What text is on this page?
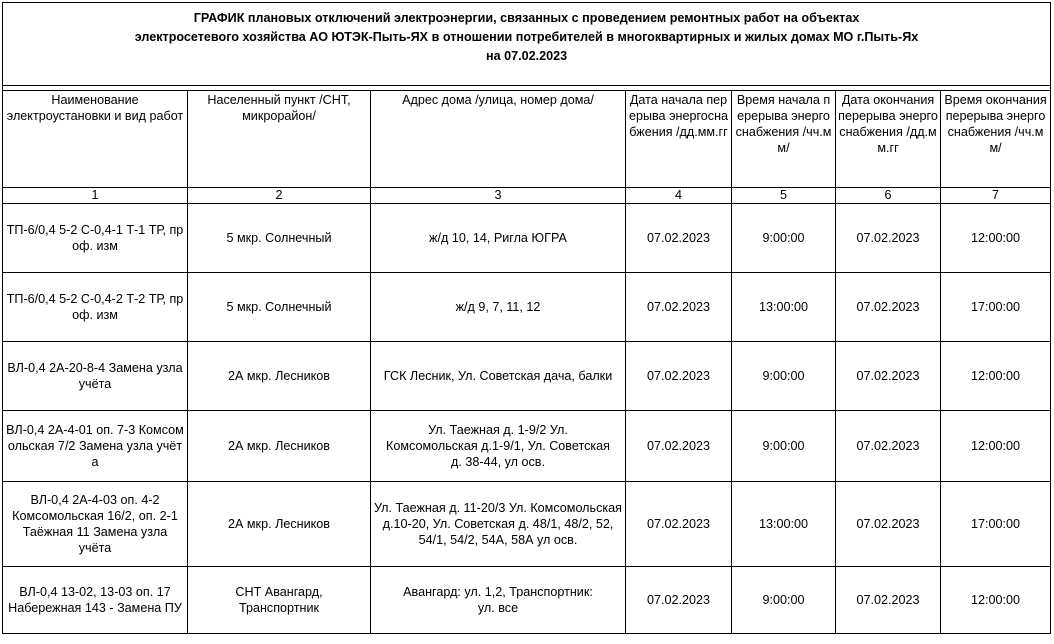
ГРАФИК плановых отключений электроэнергии, связанных с проведением ремонтных работ на объектах
электросетевого хозяйства АО ЮТЭК-Пыть-ЯХ в отношении потребителей в многоквартирных и жилых домах МО г.Пыть-Ях
на 07.02.2023						

Наименование электроустановки и вид работ	Населенный пункт /СНТ, микрорайон/	Адрес дома /улица, номер дома/	Дата начала перерыва энергоснабжения /дд.мм.гг	Время начала перерыва энергоснабжения /чч.мм/	Дата окончания перерыва энергоснабжения /дд.мм.гг	Время окончания перерыва энергоснабжения /чч.мм/
1	2	3	4	5	6	7
ТП-6/0,4 5-2 С-0,4-1 Т-1 ТР, проф. изм	5 мкр. Солнечный	ж/д 10, 14, Ригла ЮГРА	07.02.2023	9:00:00	07.02.2023	12:00:00
ТП-6/0,4 5-2 С-0,4-2 Т-2 ТР, проф. изм	5 мкр. Солнечный	ж/д 9, 7, 11, 12	07.02.2023	13:00:00	07.02.2023	17:00:00
ВЛ-0,4 2А-20-8-4 Замена узла учёта	2А мкр. Лесников	ГСК Лесник, Ул. Советская дача, балки	07.02.2023	9:00:00	07.02.2023	12:00:00
ВЛ-0,4 2А-4-01 оп. 7-3 Комсомольская 7/2 Замена узла учёта	2А мкр. Лесников	Ул. Таежная д. 1-9/2 Ул. Комсомольская д.1-9/1, Ул. Советская д. 38-44, ул осв.	07.02.2023	9:00:00	07.02.2023	12:00:00
ВЛ-0,4 2А-4-03 оп. 4-2 Комсомольская 16/2, оп. 2-1 Таёжная 11 Замена узла учёта	2А мкр. Лесников	Ул. Таежная д. 11-20/3 Ул. Комсомольская д.10-20, Ул. Советская д. 48/1, 48/2, 52, 54/1, 54/2, 54А, 58А ул осв.	07.02.2023	13:00:00	07.02.2023	17:00:00
ВЛ-0,4 13-02, 13-03 оп. 17 Набережная 143 - Замена ПУ	СНТ Авангард, Транспортник	Авангард: ул. 1,2, Транспортник: ул. все	07.02.2023	9:00:00	07.02.2023	12:00:00
